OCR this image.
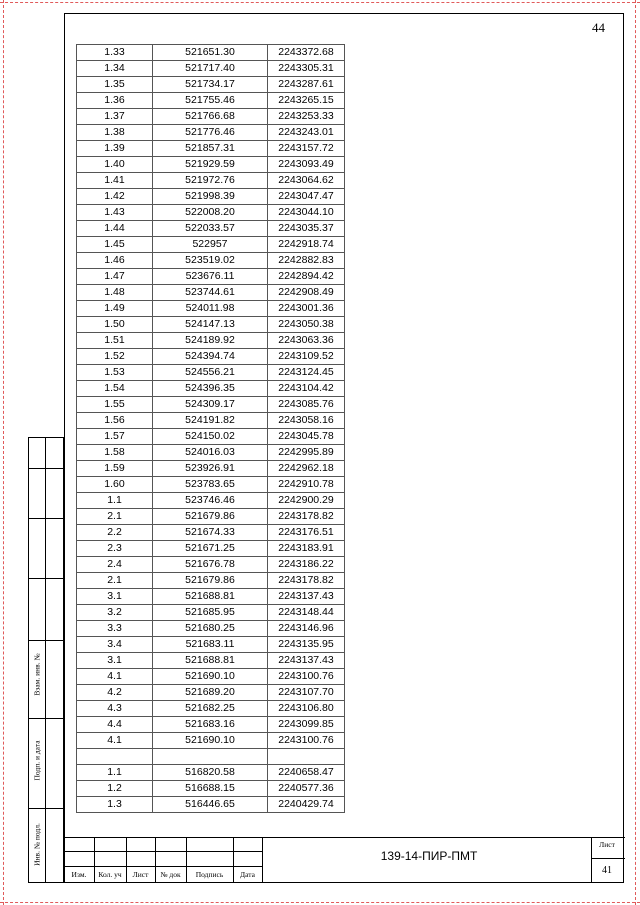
Взам. инв. №
Подп. и дата
Инв. № подл.
44
1.33	521651.30	2243372.68
1.34	521717.40	2243305.31
1.35	521734.17	2243287.61
1.36	521755.46	2243265.15
1.37	521766.68	2243253.33
1.38	521776.46	2243243.01
1.39	521857.31	2243157.72
1.40	521929.59	2243093.49
1.41	521972.76	2243064.62
1.42	521998.39	2243047.47
1.43	522008.20	2243044.10
1.44	522033.57	2243035.37
1.45	522957	2242918.74
1.46	523519.02	2242882.83
1.47	523676.11	2242894.42
1.48	523744.61	2242908.49
1.49	524011.98	2243001.36
1.50	524147.13	2243050.38
1.51	524189.92	2243063.36
1.52	524394.74	2243109.52
1.53	524556.21	2243124.45
1.54	524396.35	2243104.42
1.55	524309.17	2243085.76
1.56	524191.82	2243058.16
1.57	524150.02	2243045.78
1.58	524016.03	2242995.89
1.59	523926.91	2242962.18
1.60	523783.65	2242910.78
1.1	523746.46	2242900.29
2.1	521679.86	2243178.82
2.2	521674.33	2243176.51
2.3	521671.25	2243183.91
2.4	521676.78	2243186.22
2.1	521679.86	2243178.82
3.1	521688.81	2243137.43
3.2	521685.95	2243148.44
3.3	521680.25	2243146.96
3.4	521683.11	2243135.95
3.1	521688.81	2243137.43
4.1	521690.10	2243100.76
4.2	521689.20	2243107.70
4.3	521682.25	2243106.80
4.4	521683.16	2243099.85
4.1	521690.10	2243100.76

1.1	516820.58	2240658.47
1.2	516688.15	2240577.36
1.3	516446.65	2240429.74
Изм.	Кол. уч	Лист	№ док	Подпись	Дата
139-14-ПИР-ПМТ
Лист
41
